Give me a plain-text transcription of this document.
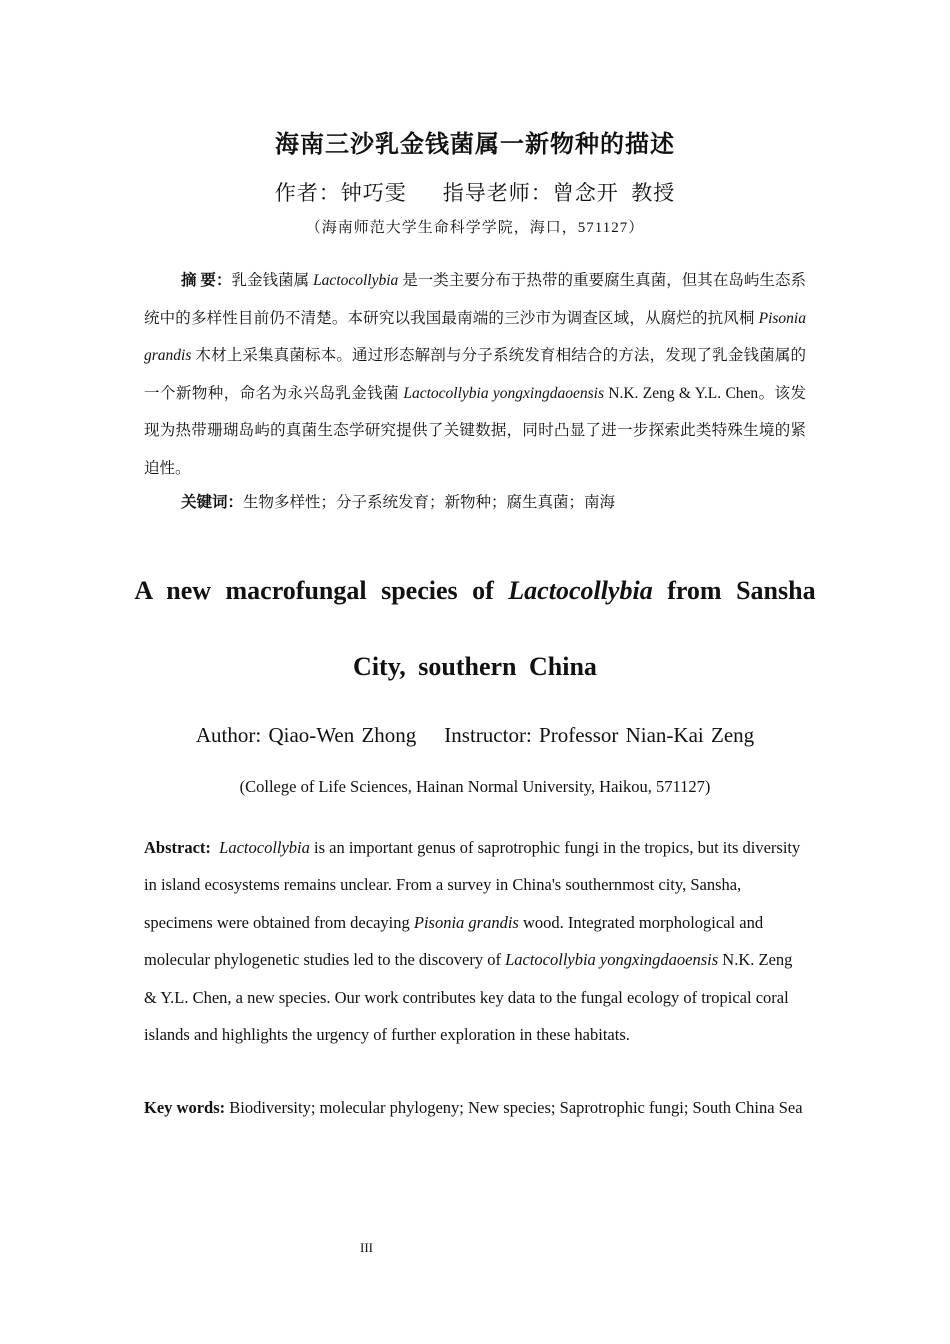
海南三沙乳金钱菌属一新物种的描述
作者：钟巧雯 指导老师：曾念开 教授
（海南师范大学生命科学学院，海口，571127）
摘 要：乳金钱菌属 Lactocollybia 是一类主要分布于热带的重要腐生真菌，但其在岛屿生态系统中的多样性目前仍不清楚。本研究以我国最南端的三沙市为调查区域，从腐烂的抗风桐 Pisonia grandis 木材上采集真菌标本。通过形态解剖与分子系统发育相结合的方法，发现了乳金钱菌属的一个新物种，命名为永兴岛乳金钱菌 Lactocollybia yongxingdaoensis N.K. Zeng & Y.L. Chen。该发现为热带珊瑚岛屿的真菌生态学研究提供了关键数据，同时凸显了进一步探索此类特殊生境的紧迫性。
关键词：生物多样性；分子系统发育；新物种；腐生真菌；南海
A new macrofungal species of Lactocollybia from Sansha
City, southern China
Author: Qiao-Wen Zhong Instructor: Professor Nian-Kai Zeng
(College of Life Sciences, Hainan Normal University, Haikou, 571127)
Abstract: Lactocollybia is an important genus of saprotrophic fungi in the tropics, but its diversity in island ecosystems remains unclear. From a survey in China's southernmost city, Sansha, specimens were obtained from decaying Pisonia grandis wood. Integrated morphological and molecular phylogenetic studies led to the discovery of Lactocollybia yongxingdaoensis N.K. Zeng & Y.L. Chen, a new species. Our work contributes key data to the fungal ecology of tropical coral islands and highlights the urgency of further exploration in these habitats.
Key words: Biodiversity; molecular phylogeny; New species; Saprotrophic fungi; South China Sea
III
